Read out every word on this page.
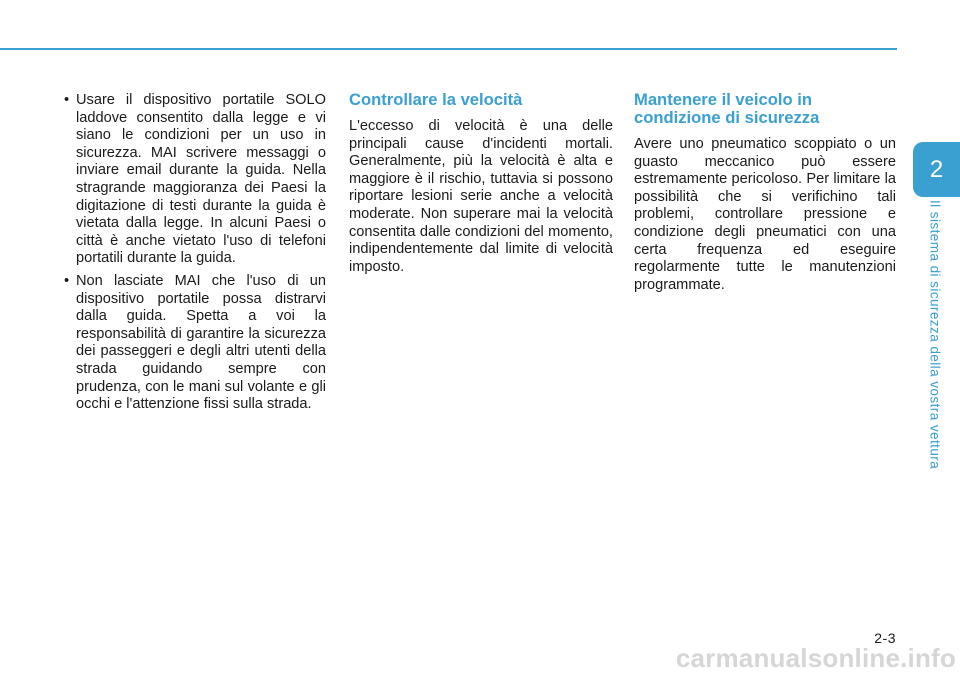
• Usare il dispositivo portatile SOLO laddove consentito dalla legge e vi siano le condizioni per un uso in sicurezza. MAI scrivere messaggi o inviare email durante la guida. Nella stragrande maggioranza dei Paesi la digitazione di testi durante la guida è vietata dalla legge. In alcuni Paesi o città è anche vietato l'uso di telefoni portatili durante la guida.
• Non lasciate MAI che l'uso di un dispositivo portatile possa distrarvi dalla guida. Spetta a voi la responsabilità di garantire la sicurezza dei passeggeri e degli altri utenti della strada guidando sempre con prudenza, con le mani sul volante e gli occhi e l'attenzione fissi sulla strada.
Controllare la velocità

L'eccesso di velocità è una delle principali cause d'incidenti mortali. Generalmente, più la velocità è alta e maggiore è il rischio, tuttavia si possono riportare lesioni serie anche a velocità moderate. Non superare mai la velocità consentita dalle condizioni del momento, indipendentemente dal limite di velocità imposto.

Mantenere il veicolo in condizione di sicurezza

Avere uno pneumatico scoppiato o un guasto meccanico può essere estremamente pericoloso. Per limitare la possibilità che si verifichino tali problemi, controllare pressione e condizione degli pneumatici con una certa frequenza ed eseguire regolarmente tutte le manutenzioni programmate.

2
Il sistema di sicurezza della vostra vettura
2-3
carmanualsonline.info
